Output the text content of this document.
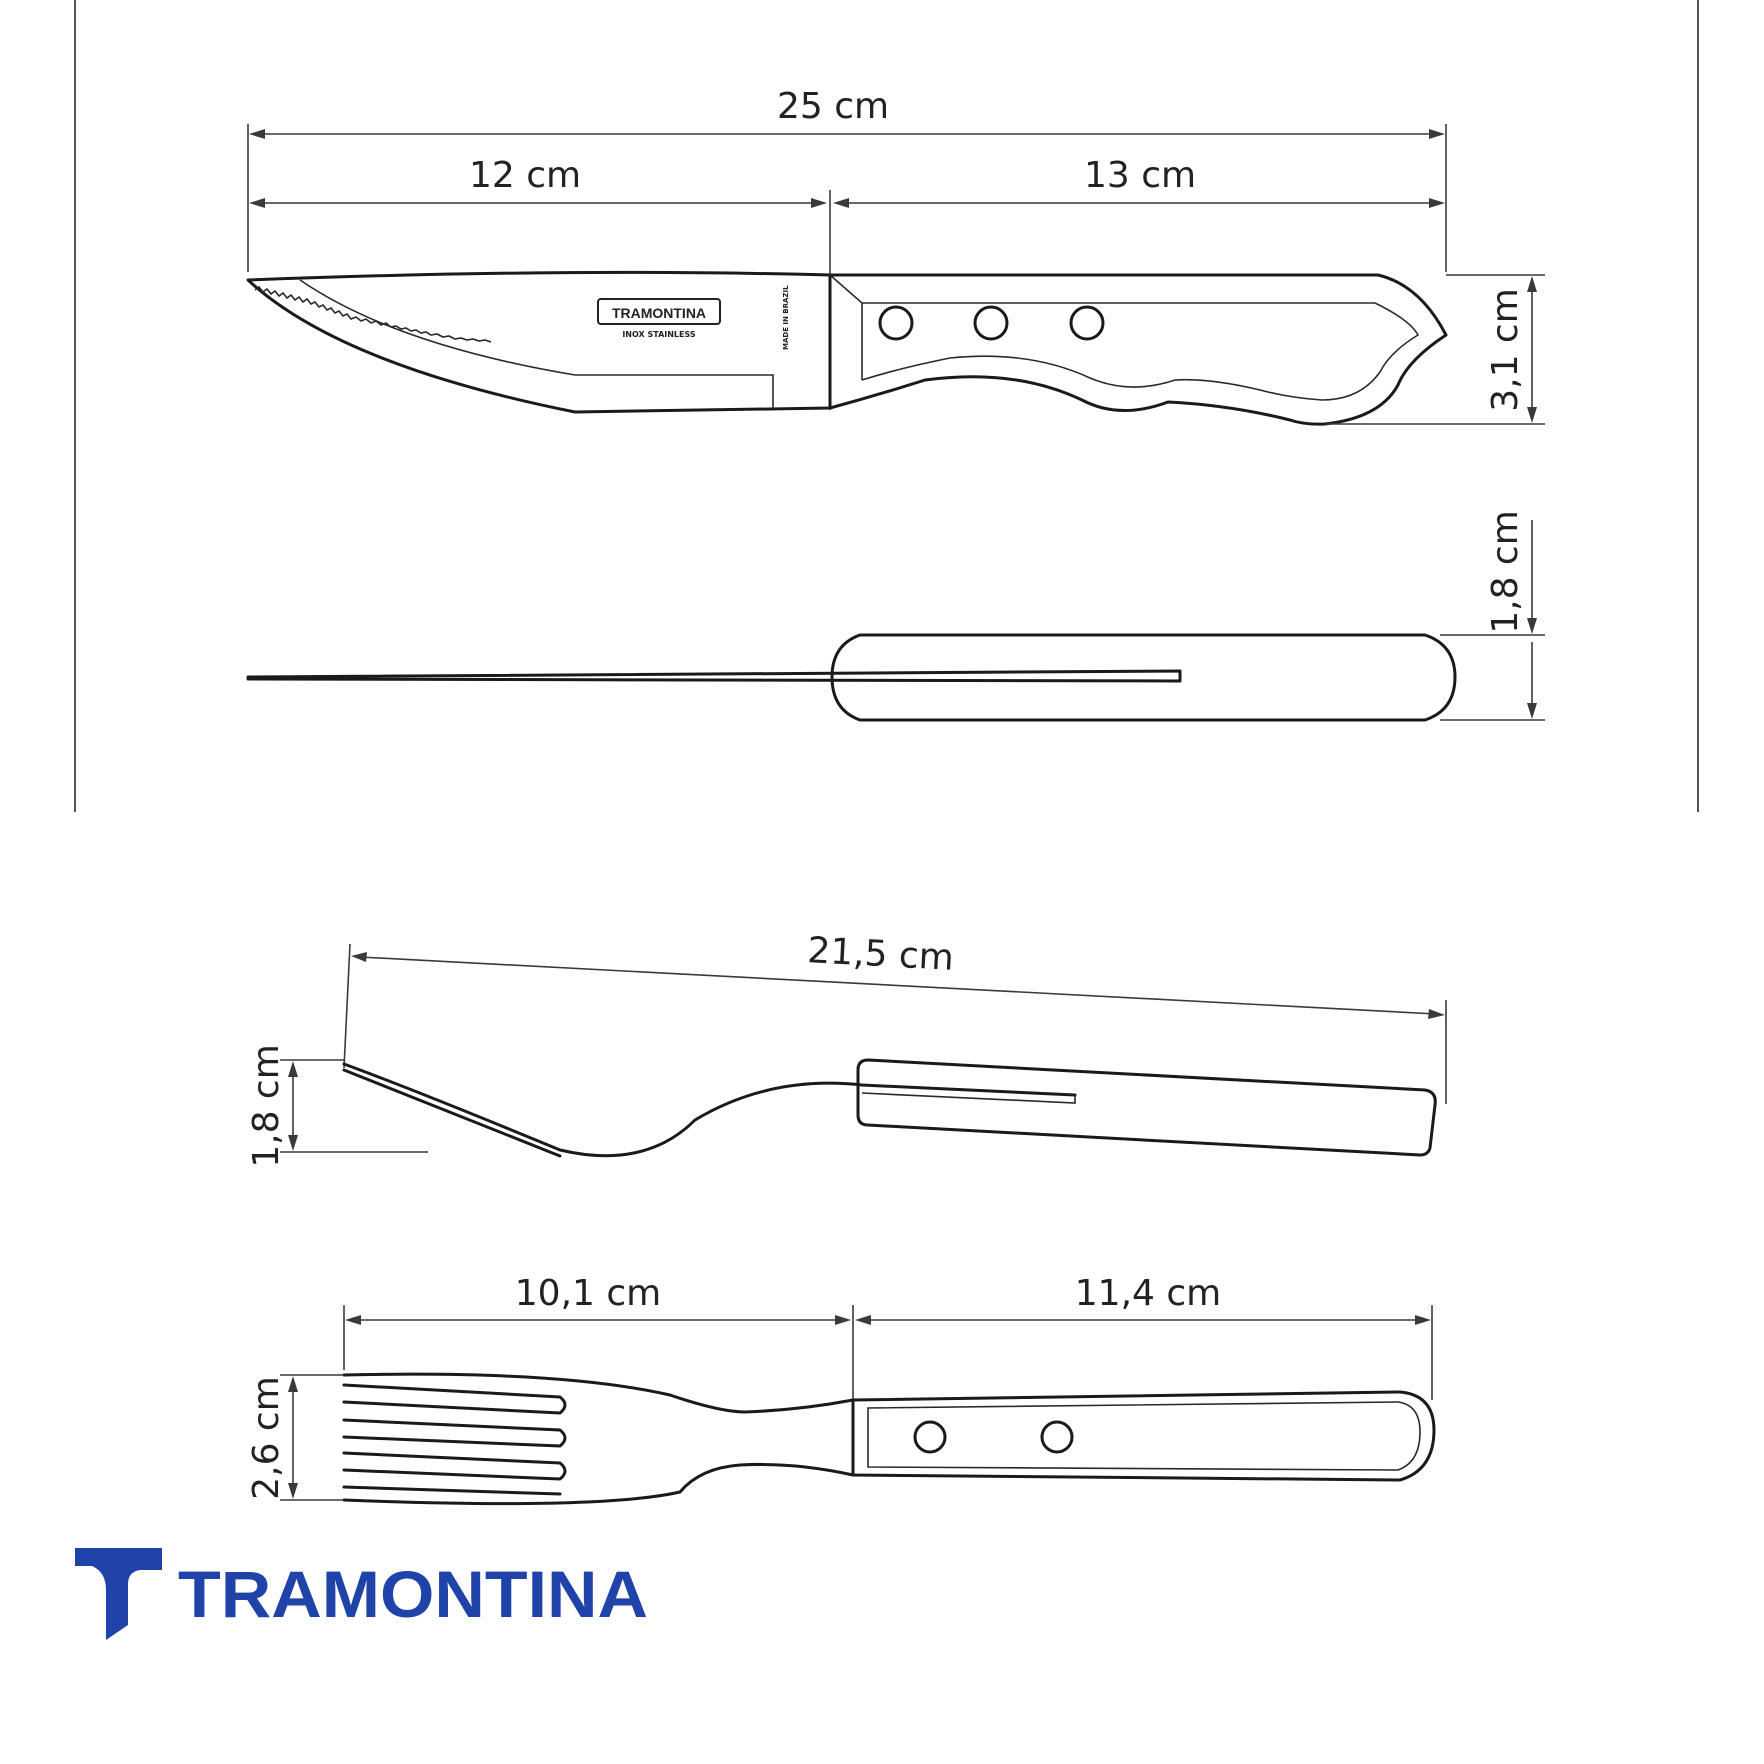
25 cm
12 cm	13 cm
TRAMONTINA
INOX STAINLESS	MADE IN BRAZIL	3,1 cm
1,8 cm
21,5 cm
1,8 cm
10,1 cm	11,4 cm
2,6 cm
TRAMONTINA
